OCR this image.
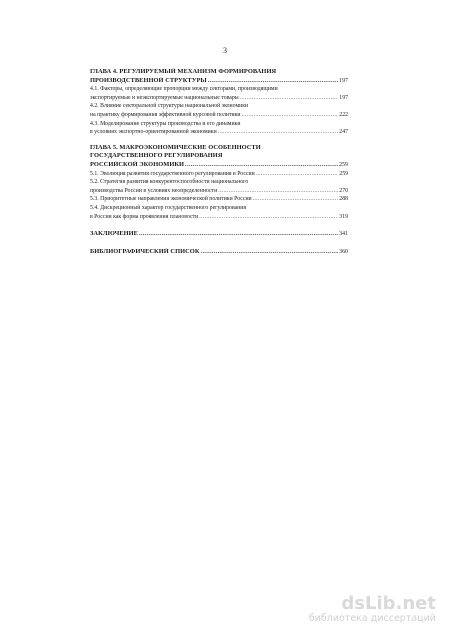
3
ГЛАВА 4. РЕГУЛИРУЕМЫЙ МЕХАНИЗМ ФОРМИРОВАНИЯ
ПРОИЗВОДСТВЕННОЙ СТРУКТУРЫ .....	197
4.1. Факторы, определяющие пропорции между секторами, производящими
экспортируемые и неэкспортируемые национальные товары .....	197
4.2. Влияние секторальной структуры национальной экономики
на практику формирования эффективной курсовой политики .....	222
4.3. Моделирование структуры производства и его динамики
в условиях экспортно-ориентированной экономики .....	247
ГЛАВА 5. МАКРОЭКОНОМИЧЕСКИЕ ОСОБЕННОСТИ
ГОСУДАРСТВЕННОГО РЕГУЛИРОВАНИЯ
РОССИЙСКОЙ ЭКОНОМИКИ .....	259
5.1. Эволюция развития государственного регулирования в России .....	259
5.2. Стратегия развития конкурентоспособности национального
производства России в условиях неопределенности .....	270
5.3. Приоритетные направления экономической политики России .....	288
5.4. Дискреционный характер государственного регулирования
в России как форма проявления плановости .....	319
ЗАКЛЮЧЕНИЕ .....	341
БИБЛИОГРАФИЧЕСКИЙ СПИСОК .....	360
dsLib.net
библиотека диссертаций
